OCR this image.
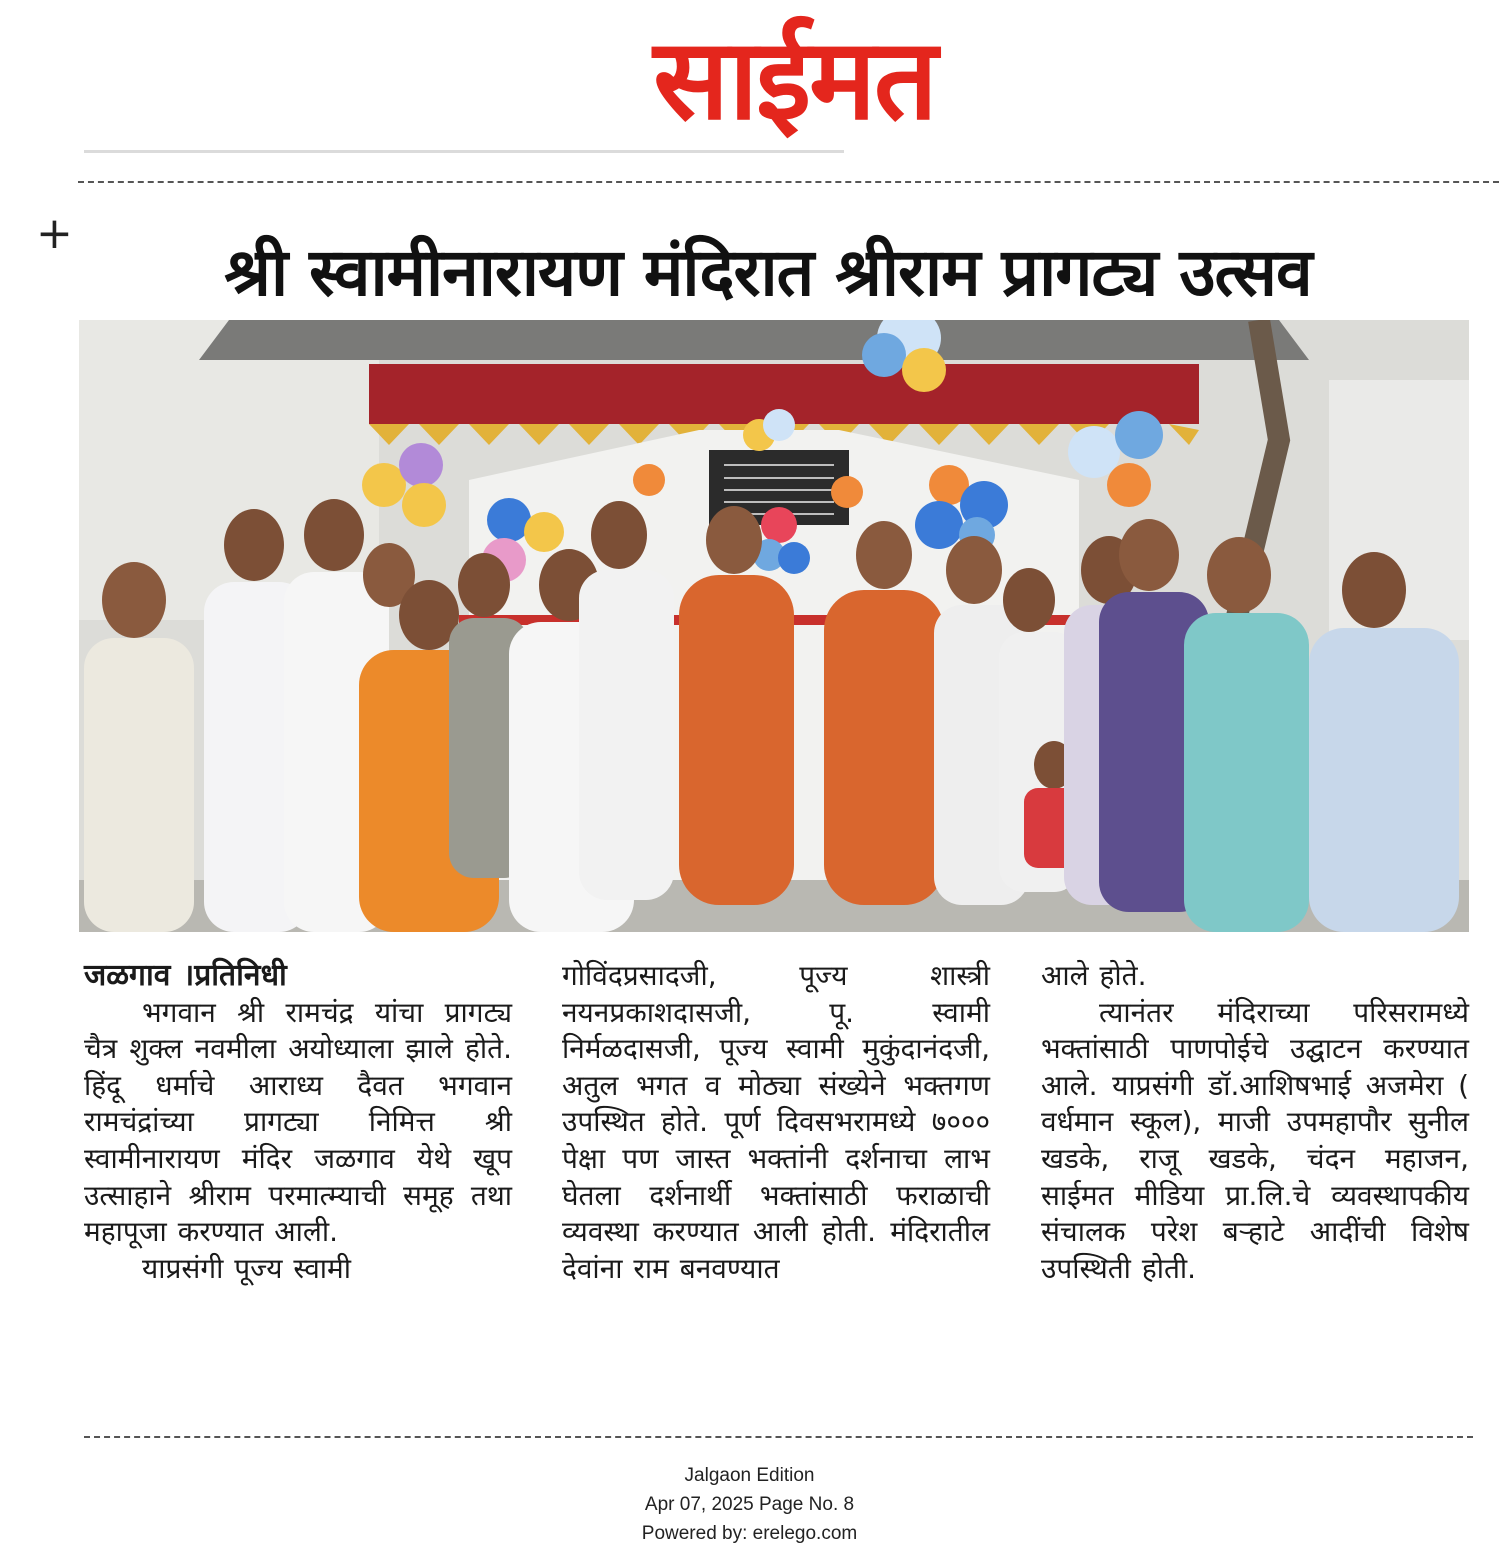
साईमत
+
श्री स्वामीनारायण मंदिरात श्रीराम प्रागट्य उत्सव

जळगाव ।प्रतिनिधी

भगवान श्री रामचंद्र यांचा प्रागट्य चैत्र शुक्ल नवमीला अयोध्याला झाले होते. हिंदू धर्माचे आराध्य दैवत भगवान रामचंद्रांच्या प्रागट्या निमित्त श्री स्वामीनारायण मंदिर जळगाव येथे खूप उत्साहाने श्रीराम परमात्म्याची समूह तथा महापूजा करण्यात आली.

याप्रसंगी पूज्य स्वामी

गोविंदप्रसादजी, पूज्य शास्त्री नयनप्रकाशदासजी, पू. स्वामी निर्मळदासजी, पूज्य स्वामी मुकुंदानंदजी, अतुल भगत व मोठ्या संख्येने भक्तगण उपस्थित होते. पूर्ण दिवसभरामध्ये ७००० पेक्षा पण जास्त भक्तांनी दर्शनाचा लाभ घेतला दर्शनार्थी भक्तांसाठी फराळाची व्यवस्था करण्यात आली होती. मंदिरातील देवांना राम बनवण्यात

आले होते.

त्यानंतर मंदिराच्या परिसरामध्ये भक्तांसाठी पाणपोईचे उद्घाटन करण्यात आले. याप्रसंगी डॉ.आशिषभाई अजमेरा ( वर्धमान स्कूल), माजी उपमहापौर सुनील खडके, राजू खडके, चंदन महाजन, साईमत मीडिया प्रा.लि.चे व्यवस्थापकीय संचालक परेश बऱ्हाटे आदींची विशेष उपस्थिती होती.

Jalgaon Edition
Apr 07, 2025 Page No. 8
Powered by: erelego.com
